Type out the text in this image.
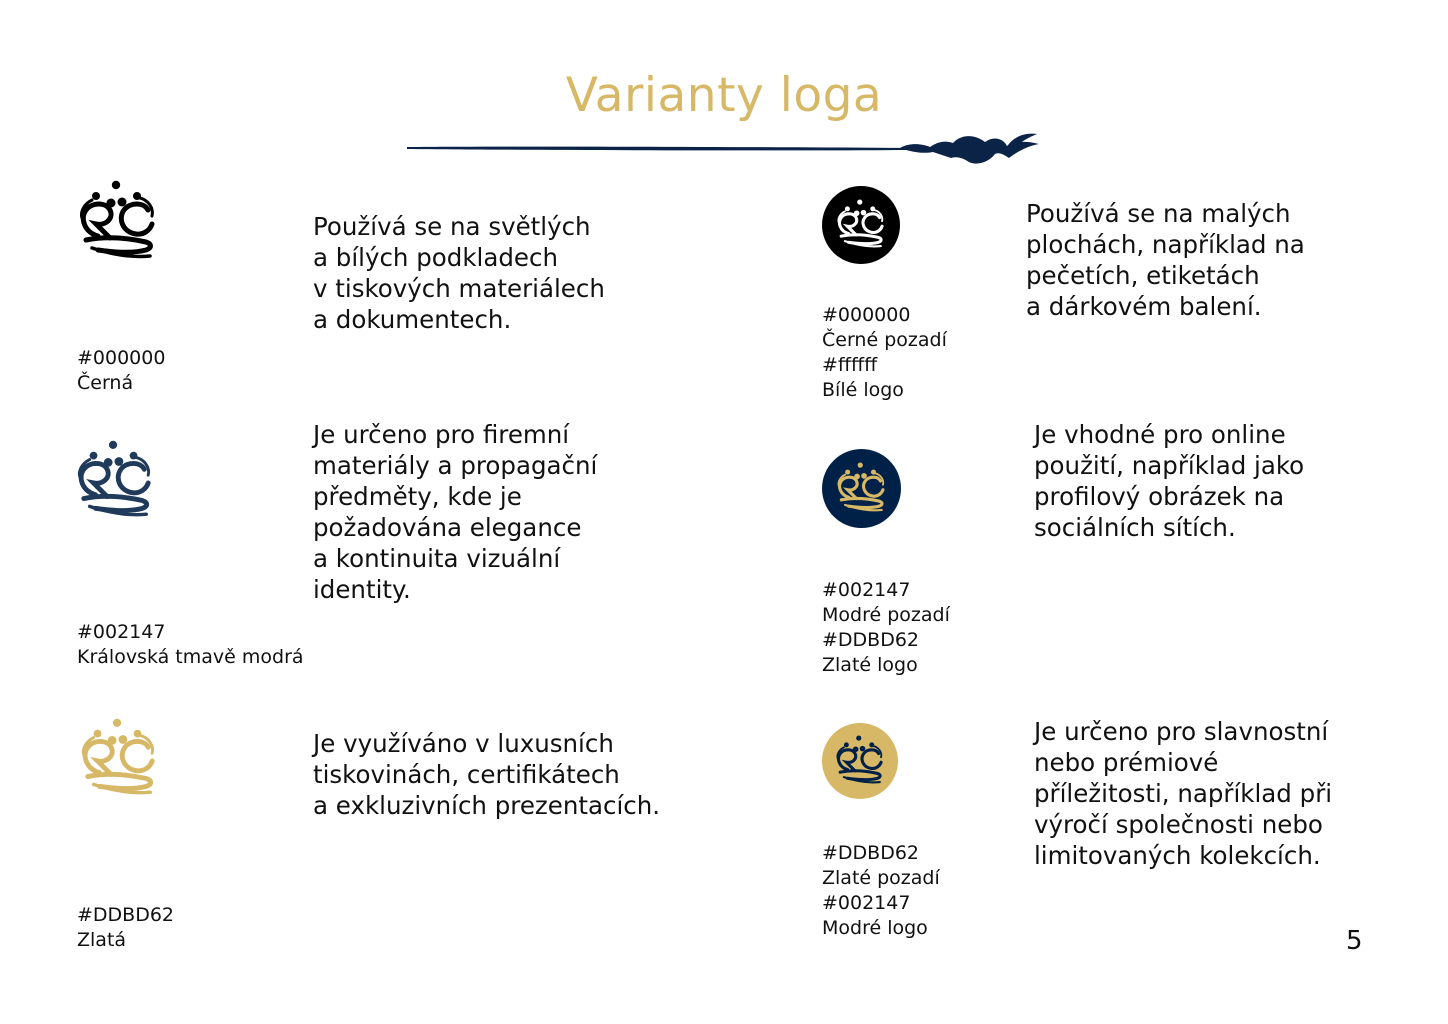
Varianty loga

Používá se na světlých
a bílých podkladech
v tiskových materiálech
a dokumentech.

#000000
Černá

Je určeno pro firemní
materiály a propagační
předměty, kde je
požadována elegance
a kontinuita vizuální
identity.

#002147
Královská tmavě modrá

Je využíváno v luxusních
tiskovinách, certifikátech
a exkluzivních prezentacích.

#DDBD62
Zlatá

Používá se na malých
plochách, například na
pečetích, etiketách
a dárkovém balení.

#000000
Černé pozadí
#ffffff
Bílé logo

Je vhodné pro online
použití, například jako
profilový obrázek na
sociálních sítích.

#002147
Modré pozadí
#DDBD62
Zlaté logo

Je určeno pro slavnostní
nebo prémiové
příležitosti, například při
výročí společnosti nebo
limitovaných kolekcích.

#DDBD62
Zlaté pozadí
#002147
Modré logo	5
